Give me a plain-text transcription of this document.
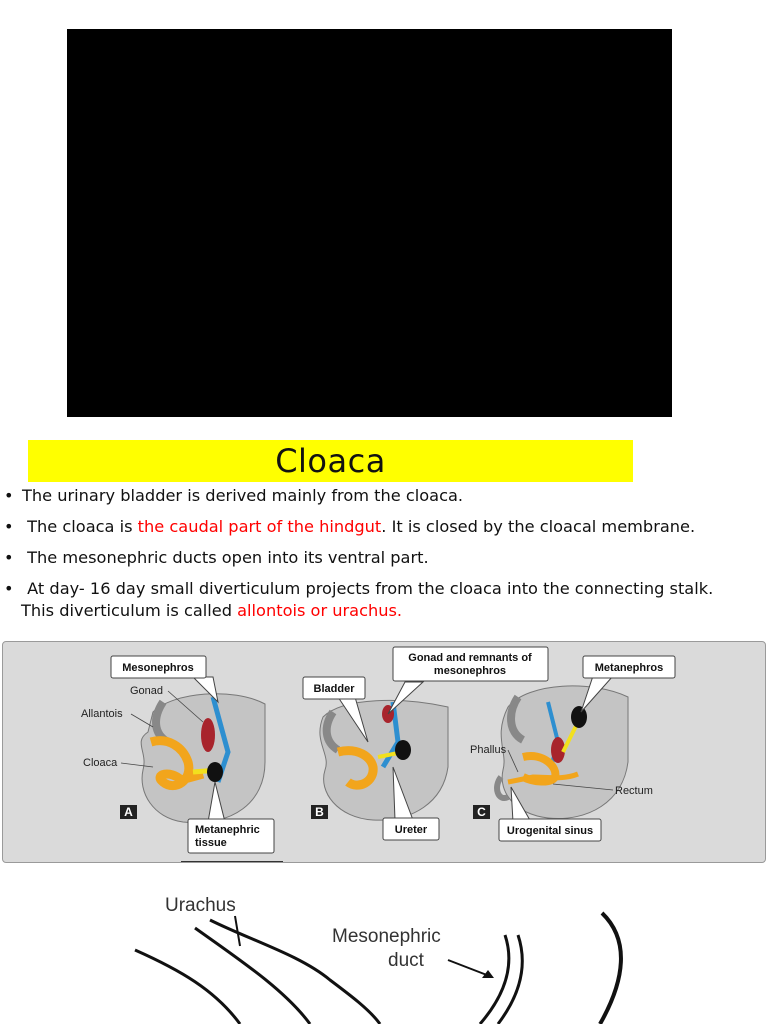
Cloaca
• The urinary bladder is derived mainly from the cloaca.
• The cloaca is the caudal part of the hindgut. It is closed by the cloacal membrane.
• The mesonephric ducts open into its ventral part.
• At day- 16 day small diverticulum projects from the cloaca into the connecting stalk.
This diverticulum is called allontois or urachus.
A
Mesonephros
Metanephric
tissue
Gonad
Allantois
Cloaca
B
Bladder
Ureter
Gonad and remnants of
mesonephros
C
Metanephros
Urogenital sinus
Phallus
Rectum
Urachus
Mesonephric
duct
